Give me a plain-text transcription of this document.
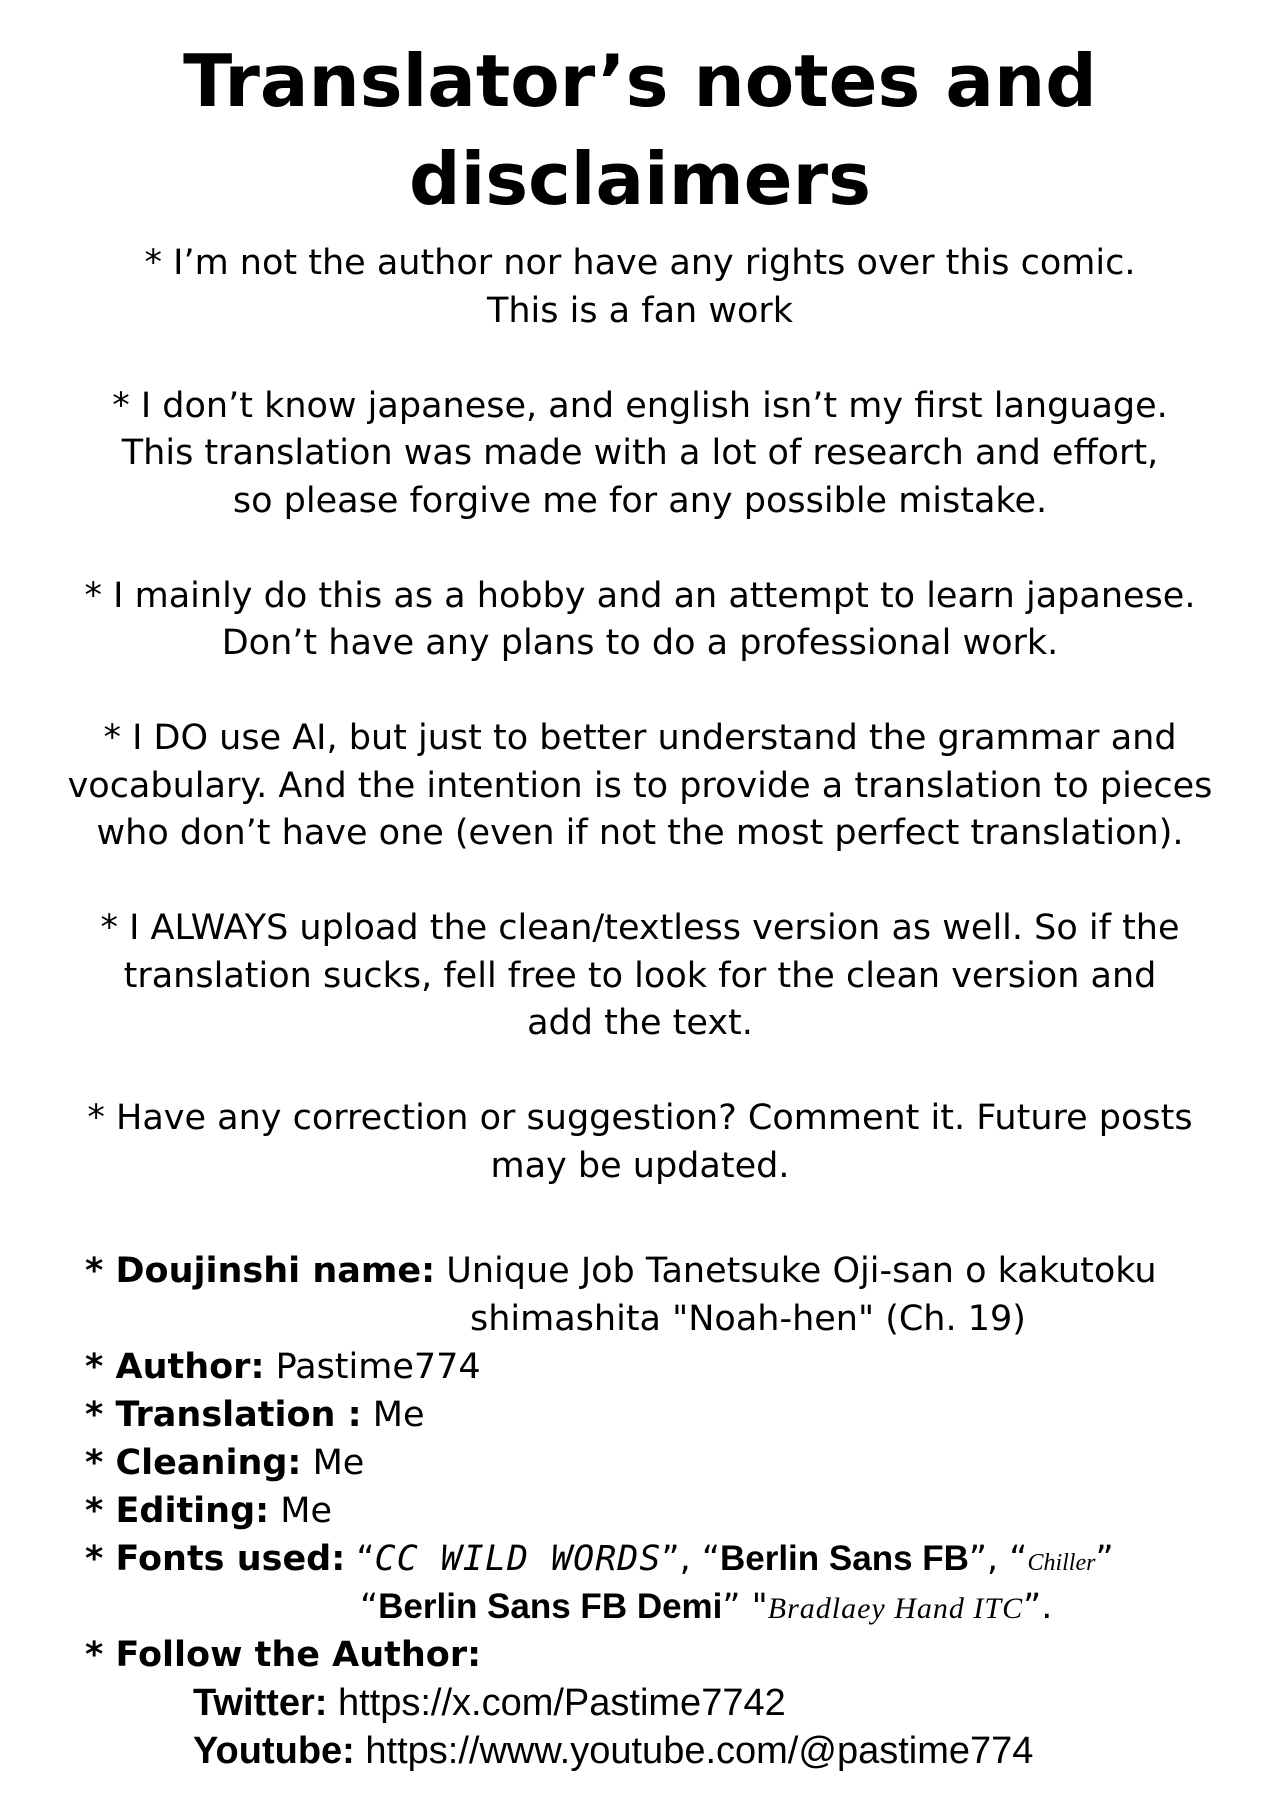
Translator’s notes and
disclaimers

* I’m not the author nor have any rights over this comic.
This is a fan work

* I don’t know japanese, and english isn’t my first language.
This translation was made with a lot of research and effort,
so please forgive me for any possible mistake.

* I mainly do this as a hobby and an attempt to learn japanese.
Don’t have any plans to do a professional work.

* I DO use AI, but just to better understand the grammar and
vocabulary. And the intention is to provide a translation to pieces
who don’t have one (even if not the most perfect translation).

* I ALWAYS upload the clean/textless version as well. So if the
translation sucks, fell free to look for the clean version and
add the text.

* Have any correction or suggestion? Comment it. Future posts
may be updated.

* Doujinshi name: Unique Job Tanetsuke Oji-san o kakutoku
shimashita "Noah-hen" (Ch. 19)
* Author: Pastime774
* Translation : Me
* Cleaning: Me
* Editing: Me
* Fonts used: “CC WILD WORDS”, “Berlin Sans FB”, “Chiller”
“Berlin Sans FB Demi” "Bradlaey Hand ITC”.
* Follow the Author:
Twitter: https://x.com/Pastime7742
Youtube: https://www.youtube.com/@pastime774
